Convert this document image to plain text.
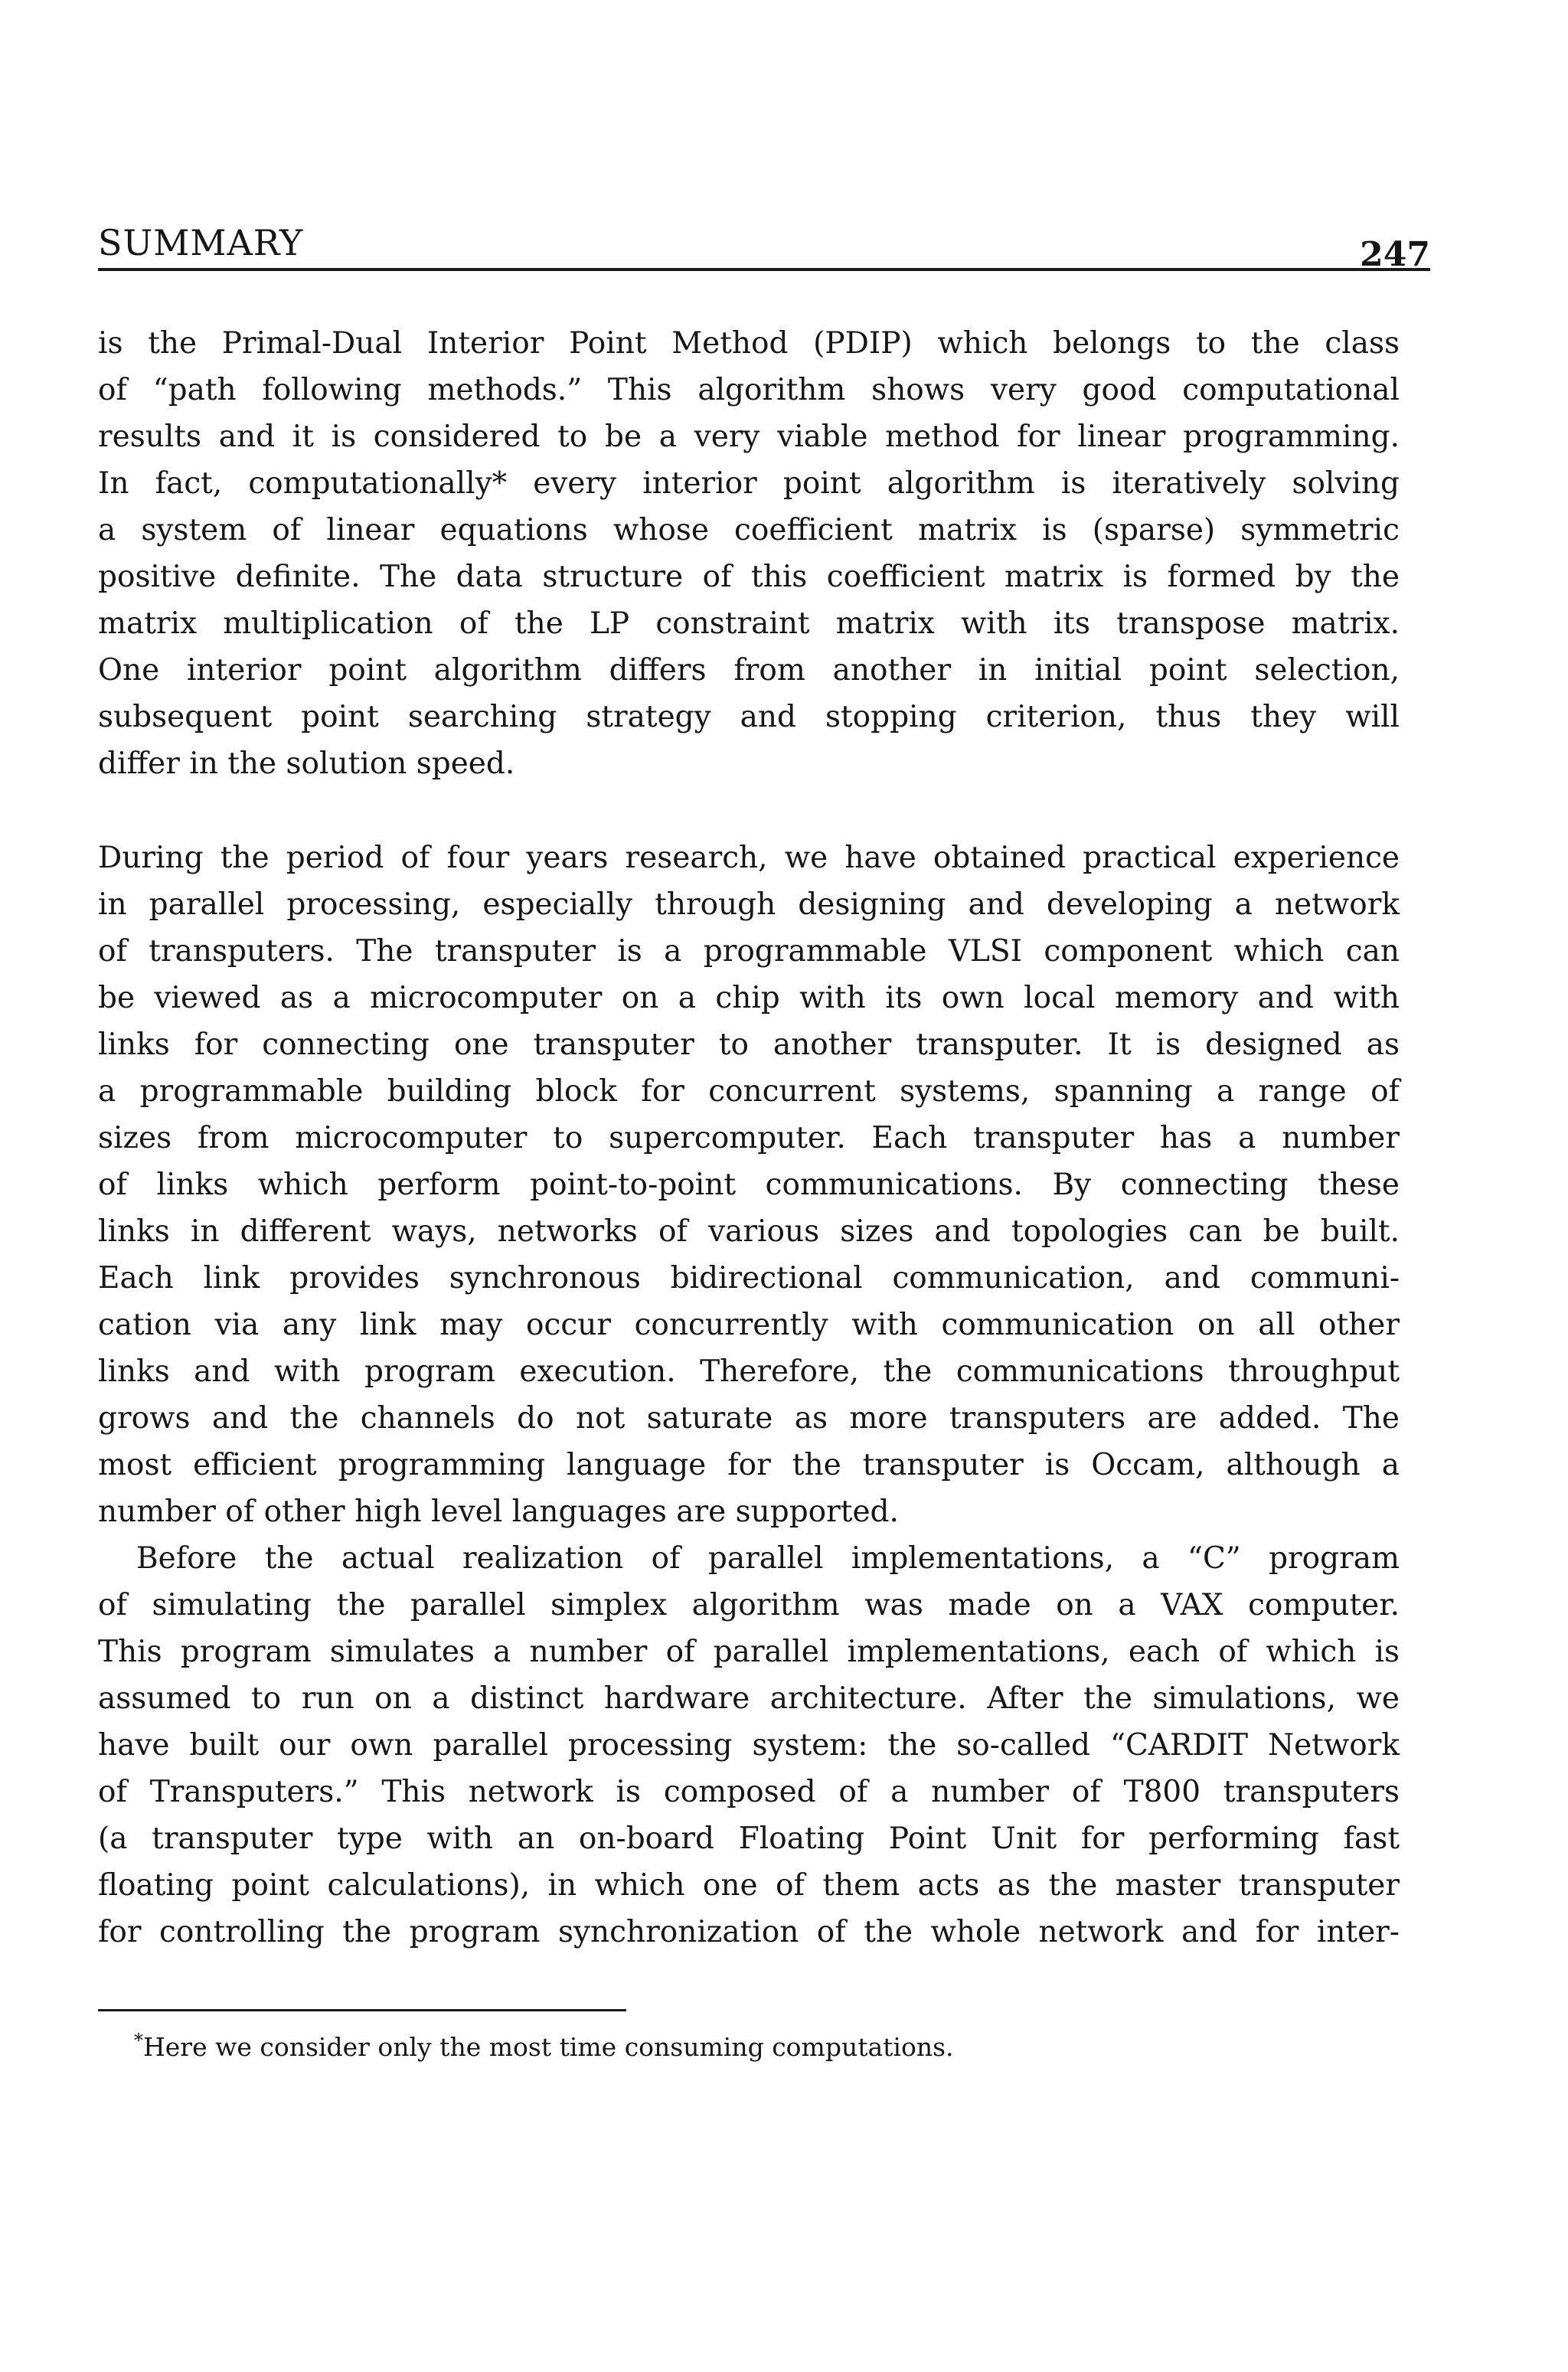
SUMMARY	247
is the Primal-Dual Interior Point Method (PDIP) which belongs to the class
of “path following methods.” This algorithm shows very good computational
results and it is considered to be a very viable method for linear programming.
In fact, computationally* every interior point algorithm is iteratively solving
a system of linear equations whose coefficient matrix is (sparse) symmetric
positive definite. The data structure of this coefficient matrix is formed by the
matrix multiplication of the LP constraint matrix with its transpose matrix.
One interior point algorithm differs from another in initial point selection,
subsequent point searching strategy and stopping criterion, thus they will
differ in the solution speed.
During the period of four years research, we have obtained practical experience
in parallel processing, especially through designing and developing a network
of transputers. The transputer is a programmable VLSI component which can
be viewed as a microcomputer on a chip with its own local memory and with
links for connecting one transputer to another transputer. It is designed as
a programmable building block for concurrent systems, spanning a range of
sizes from microcomputer to supercomputer. Each transputer has a number
of links which perform point-to-point communications. By connecting these
links in different ways, networks of various sizes and topologies can be built.
Each link provides synchronous bidirectional communication, and communi-
cation via any link may occur concurrently with communication on all other
links and with program execution. Therefore, the communications throughput
grows and the channels do not saturate as more transputers are added. The
most efficient programming language for the transputer is Occam, although a
number of other high level languages are supported.
Before the actual realization of parallel implementations, a “C” program
of simulating the parallel simplex algorithm was made on a VAX computer.
This program simulates a number of parallel implementations, each of which is
assumed to run on a distinct hardware architecture. After the simulations, we
have built our own parallel processing system: the so-called “CARDIT Network
of Transputers.” This network is composed of a number of T800 transputers
(a transputer type with an on-board Floating Point Unit for performing fast
floating point calculations), in which one of them acts as the master transputer
for controlling the program synchronization of the whole network and for inter-
*Here we consider only the most time consuming computations.
